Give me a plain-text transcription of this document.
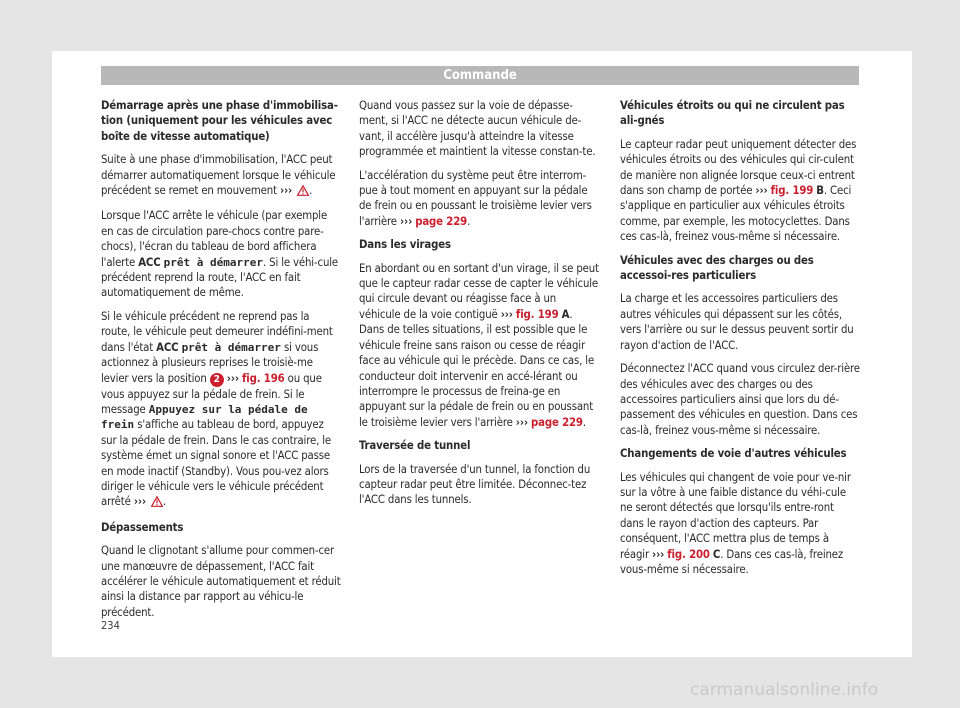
Commande

Démarrage après une phase d'immobilisa-tion (uniquement pour les véhicules avec boîte de vitesse automatique)

Suite à une phase d'immobilisation, l'ACC peut démarrer automatiquement lorsque le véhicule précédent se remet en mouvement ››› .

Lorsque l'ACC arrête le véhicule (par exemple en cas de circulation pare-chocs contre pare-chocs), l'écran du tableau de bord affichera l'alerte ACC prêt à démarrer. Si le véhi-cule précédent reprend la route, l'ACC en fait automatiquement de même.

Si le véhicule précédent ne reprend pas la route, le véhicule peut demeurer indéfini-ment dans l'état ACC prêt à démarrer si vous actionnez à plusieurs reprises le troisiè-me levier vers la position 2 ››› fig. 196 ou que vous appuyez sur la pédale de frein. Si le message Appuyez sur la pédale de frein s'affiche au tableau de bord, appuyez sur la pédale de frein. Dans le cas contraire, le système émet un signal sonore et l'ACC passe en mode inactif (Standby). Vous pou-vez alors diriger le véhicule vers le véhicule précédent arrêté ››› .

Dépassements

Quand le clignotant s'allume pour commen-cer une manœuvre de dépassement, l'ACC fait accélérer le véhicule automatiquement et réduit ainsi la distance par rapport au véhicu-le précédent.

Quand vous passez sur la voie de dépasse-ment, si l'ACC ne détecte aucun véhicule de-vant, il accélère jusqu'à atteindre la vitesse programmée et maintient la vitesse constan-te.

L'accélération du système peut être interrom-pue à tout moment en appuyant sur la pédale de frein ou en poussant le troisième levier vers l'arrière ››› page 229.

Dans les virages

En abordant ou en sortant d'un virage, il se peut que le capteur radar cesse de capter le véhicule qui circule devant ou réagisse face à un véhicule de la voie contiguë ››› fig. 199 A. Dans de telles situations, il est possible que le véhicule freine sans raison ou cesse de réagir face au véhicule qui le précède. Dans ce cas, le conducteur doit intervenir en accé-lérant ou interrompre le processus de freina-ge en appuyant sur la pédale de frein ou en poussant le troisième levier vers l'arrière ››› page 229.

Traversée de tunnel

Lors de la traversée d'un tunnel, la fonction du capteur radar peut être limitée. Déconnec-tez l'ACC dans les tunnels.

Véhicules étroits ou qui ne circulent pas ali-gnés

Le capteur radar peut uniquement détecter des véhicules étroits ou des véhicules qui cir-culent de manière non alignée lorsque ceux-ci entrent dans son champ de portée ››› fig. 199 B. Ceci s'applique en particulier aux véhicules étroits comme, par exemple, les motocyclettes. Dans ces cas-là, freinez vous-même si nécessaire.

Véhicules avec des charges ou des accessoi-res particuliers

La charge et les accessoires particuliers des autres véhicules qui dépassent sur les côtés, vers l'arrière ou sur le dessus peuvent sortir du rayon d'action de l'ACC.

Déconnectez l'ACC quand vous circulez der-rière des véhicules avec des charges ou des accessoires particuliers ainsi que lors du dé-passement des véhicules en question. Dans ces cas-là, freinez vous-même si nécessaire.

Changements de voie d'autres véhicules

Les véhicules qui changent de voie pour ve-nir sur la vôtre à une faible distance du véhi-cule ne seront détectés que lorsqu'ils entre-ront dans le rayon d'action des capteurs. Par conséquent, l'ACC mettra plus de temps à réagir ››› fig. 200 C. Dans ces cas-là, freinez vous-même si nécessaire.

234
carmanualsonline.info
